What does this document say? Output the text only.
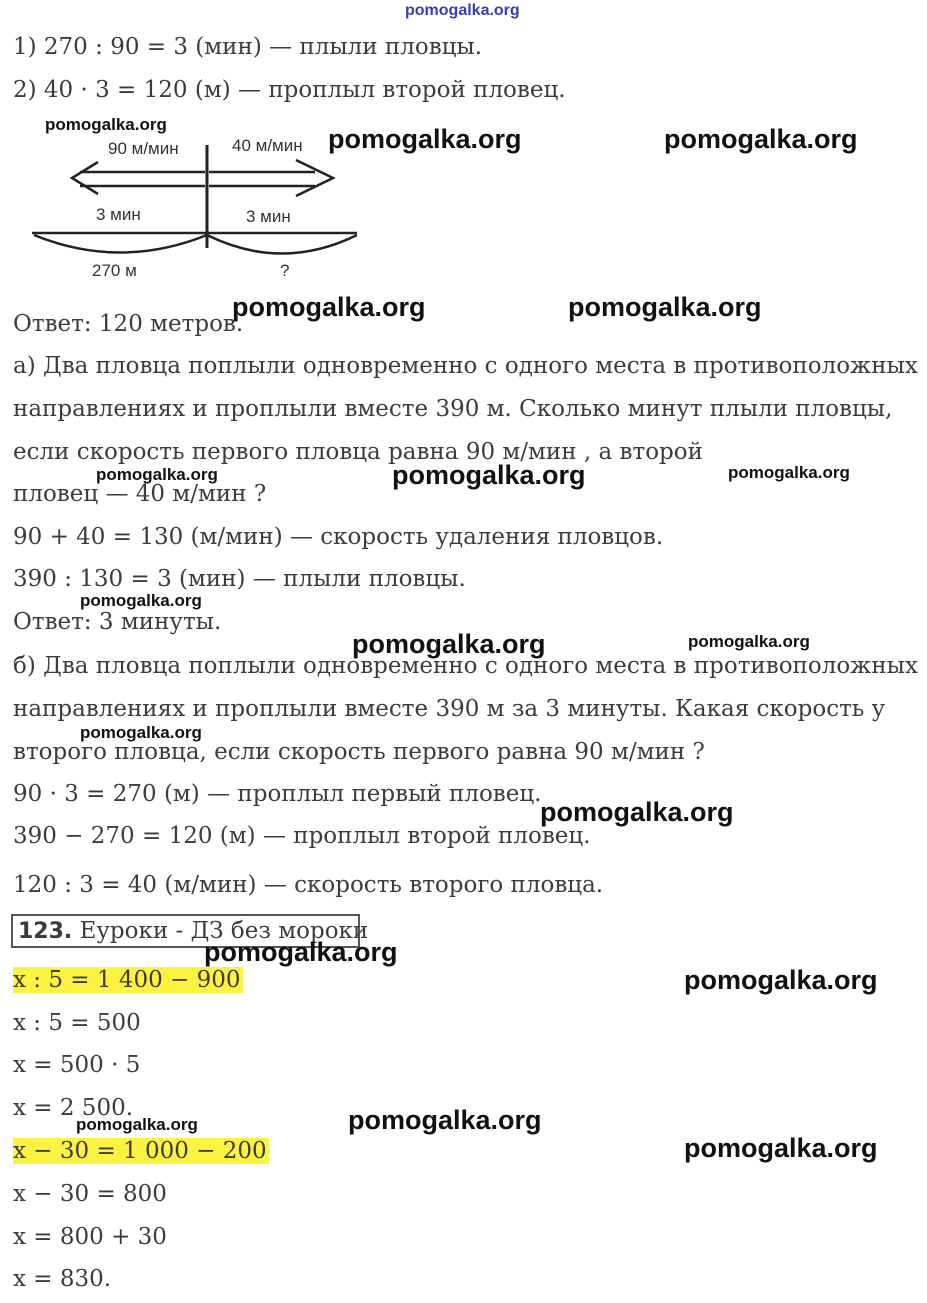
pomogalka.org
1) 270 : 90 = 3 (мин) — плыли пловцы.
2) 40 · 3 = 120 (м) — проплыл второй пловец.
90 м/мин	40 м/мин
3 мин	3 мин
270 м	?
Ответ: 120 метров.
а) Два пловца поплыли одновременно с одного места в противоположных
направлениях и проплыли вместе 390 м. Сколько минут плыли пловцы,
если скорость первого пловца равна 90 м/мин , а второй
пловец — 40 м/мин ?
90 + 40 = 130 (м/мин) — скорость удаления пловцов.
390 : 130 = 3 (мин) — плыли пловцы.
Ответ: 3 минуты.
б) Два пловца поплыли одновременно с одного места в противоположных
направлениях и проплыли вместе 390 м за 3 минуты. Какая скорость у
второго пловца, если скорость первого равна 90 м/мин ?
90 · 3 = 270 (м) — проплыл первый пловец.
390 − 270 = 120 (м) — проплыл второй пловец.
120 : 3 = 40 (м/мин) — скорость второго пловца.
123. Еуроки - ДЗ без мороки
x : 5 = 1 400 − 900
x : 5 = 500
x = 500 · 5
x = 2 500.
x − 30 = 1 000 − 200
x − 30 = 800
x = 800 + 30
x = 830.
pomogalka.org	pomogalka.org	pomogalka.org
pomogalka.org	pomogalka.org
pomogalka.org	pomogalka.org	pomogalka.org
pomogalka.org
pomogalka.org	pomogalka.org
pomogalka.org
pomogalka.org
pomogalka.org
pomogalka.org
pomogalka.org
pomogalka.org
pomogalka.org
